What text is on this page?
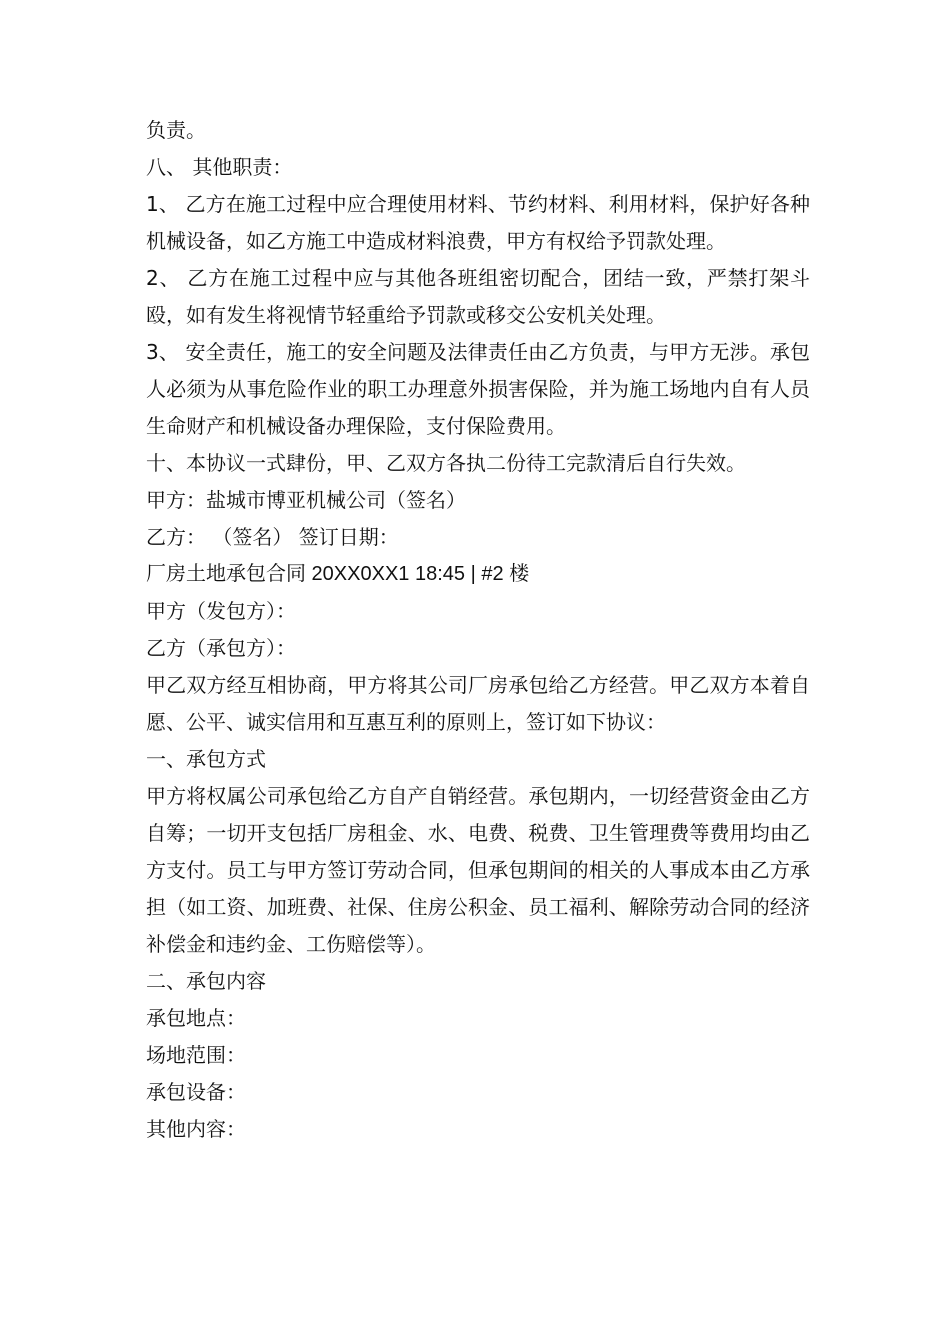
负责。

八、 其他职责：

1、 乙方在施工过程中应合理使用材料、节约材料、利用材料，保护好各种机械设备，如乙方施工中造成材料浪费，甲方有权给予罚款处理。

2、 乙方在施工过程中应与其他各班组密切配合，团结一致，严禁打架斗殴，如有发生将视情节轻重给予罚款或移交公安机关处理。

3、 安全责任，施工的安全问题及法律责任由乙方负责，与甲方无涉。承包人必须为从事危险作业的职工办理意外损害保险，并为施工场地内自有人员生命财产和机械设备办理保险，支付保险费用。

十、本协议一式肆份，甲、乙双方各执二份待工完款清后自行失效。

甲方：盐城市博亚机械公司（签名）

乙方： （签名） 签订日期：

厂房土地承包合同 20XX0XX1 18:45 | #2 楼

甲方（发包方）：

乙方（承包方）：

甲乙双方经互相协商，甲方将其公司厂房承包给乙方经营。甲乙双方本着自愿、公平、诚实信用和互惠互利的原则上，签订如下协议：

一、承包方式

甲方将权属公司承包给乙方自产自销经营。承包期内，一切经营资金由乙方自筹；一切开支包括厂房租金、水、电费、税费、卫生管理费等费用均由乙方支付。员工与甲方签订劳动合同，但承包期间的相关的人事成本由乙方承担（如工资、加班费、社保、住房公积金、员工福利、解除劳动合同的经济补偿金和违约金、工伤赔偿等）。

二、承包内容

承包地点：

场地范围：

承包设备：

其他内容：
